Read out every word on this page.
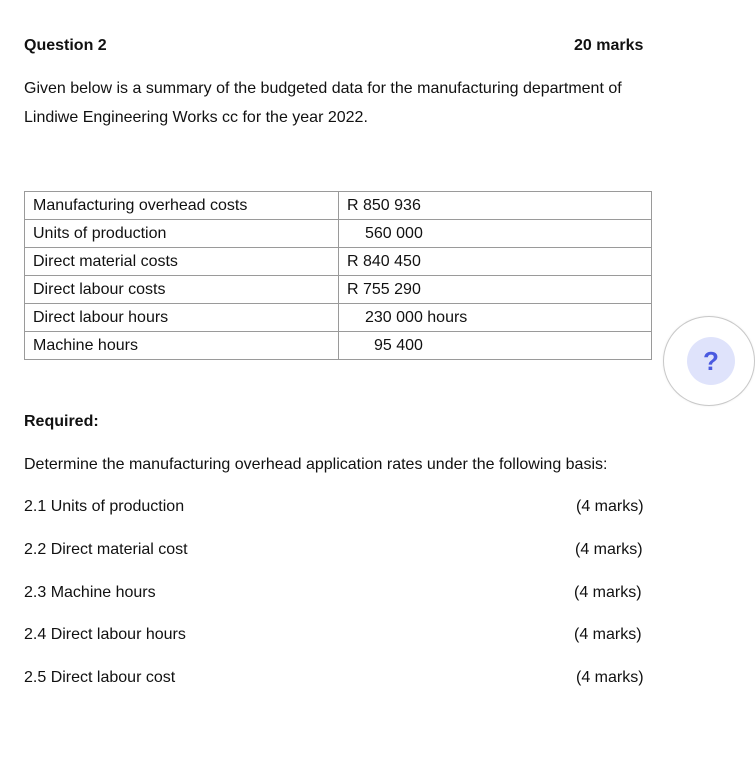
Question 2	20 marks
Given below is a summary of the budgeted data for the manufacturing department of Lindiwe Engineering Works cc for the year 2022.
Manufacturing overhead costs	R 850 936
Units of production	560 000
Direct material costs	R 840 450
Direct labour costs	R 755 290
Direct labour hours	230 000 hours
Machine hours	95 400
Required:
Determine the manufacturing overhead application rates under the following basis:
2.1 Units of production	(4 marks)
2.2 Direct material cost	(4 marks)
2.3 Machine hours	(4 marks)
2.4 Direct labour hours	(4 marks)
2.5 Direct labour cost	(4 marks)
?
